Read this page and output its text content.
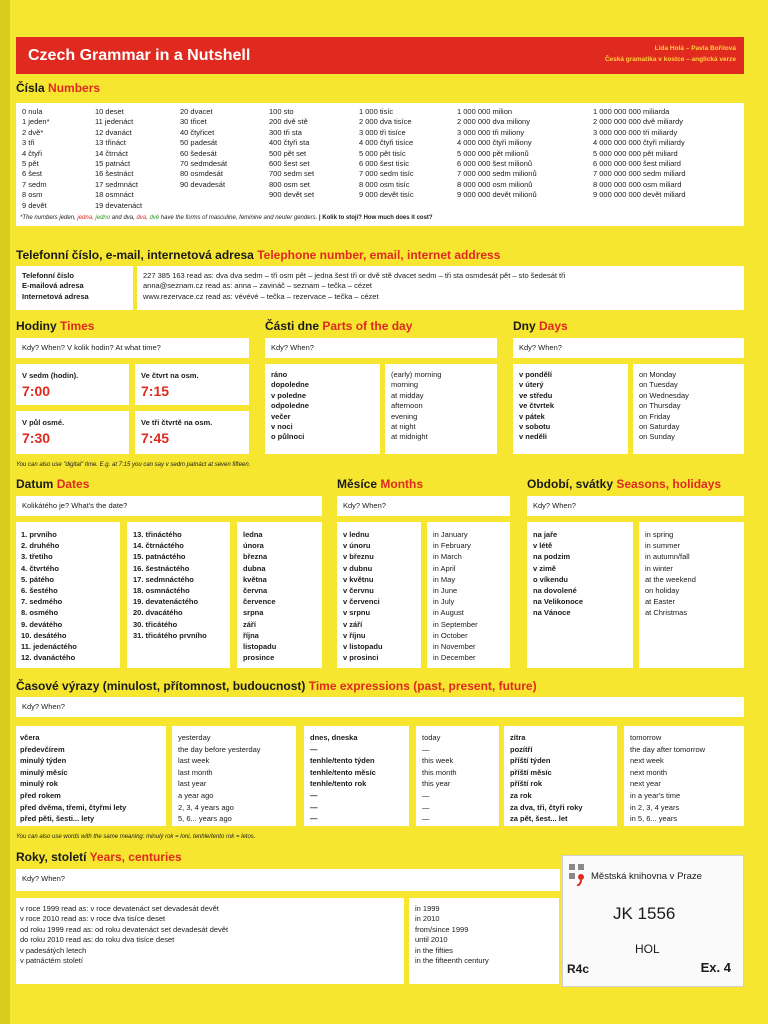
Czech Grammar in a Nutshell	Lida Holá – Pavla Bořilová
Česká gramatika v kostce – anglická verze
Čísla Numbers
0 nula
1 jeden*
2 dvě*
3 tři
4 čtyři
5 pět
6 šest
7 sedm
8 osm
9 devět
10 deset
11 jedenáct
12 dvanáct
13 třináct
14 čtrnáct
15 patnáct
16 šestnáct
17 sedmnáct
18 osmnáct
19 devatenáct
20 dvacet
30 třicet
40 čtyřicet
50 padesát
60 šedesát
70 sedmdesát
80 osmdesát
90 devadesát
100 sto
200 dvě stě
300 tři sta
400 čtyři sta
500 pět set
600 šest set
700 sedm set
800 osm set
900 devět set
1 000 tisíc
2 000 dva tisíce
3 000 tři tisíce
4 000 čtyři tisíce
5 000 pět tisíc
6 000 šest tisíc
7 000 sedm tisíc
8 000 osm tisíc
9 000 devět tisíc
1 000 000 milion
2 000 000 dva miliony
3 000 000 tři miliony
4 000 000 čtyři miliony
5 000 000 pět milionů
6 000 000 šest milionů
7 000 000 sedm milionů
8 000 000 osm milionů
9 000 000 devět milionů
1 000 000 000 miliarda
2 000 000 000 dvě miliardy
3 000 000 000 tři miliardy
4 000 000 000 čtyři miliardy
5 000 000 000 pět miliard
6 000 000 000 šest miliard
7 000 000 000 sedm miliard
8 000 000 000 osm miliard
9 000 000 000 devět miliard
*The numbers jeden, jedna, jedno and dva, dva, dvě have the forms of masculine, feminine and neuter genders. | Kolik to stojí? How much does it cost?
Telefonní číslo, e-mail, internetová adresa Telephone number, email, internet address
Telefonní číslo
E-mailová adresa
Internetová adresa
227 385 163 read as: dva dva sedm – tři osm pět – jedna šest tři or dvě stě dvacet sedm – tři sta osmdesát pět – sto šedesát tři
anna@seznam.cz read as: anna – zavináč – seznam – tečka – cézet
www.rezervace.cz read as: vévévé – tečka – rezervace – tečka – cézet
Hodiny Times
Kdy? When? V kolik hodin? At what time?
V sedm (hodin).
7:00
Ve čtvrt na osm.
7:15
V půl osmé.
7:30
Ve tři čtvrtě na osm.
7:45
You can also use "digital" time. E.g. at 7:15 you can say v sedm patnáct at seven fifteen.
Části dne Parts of the day
Kdy? When?
ráno
dopoledne
v poledne
odpoledne
večer
v noci
o půlnoci
(early) morning
morning
at midday
afternoon
evening
at night
at midnight
Dny Days
Kdy? When?
v pondělí
v úterý
ve středu
ve čtvrtek
v pátek
v sobotu
v neděli
on Monday
on Tuesday
on Wednesday
on Thursday
on Friday
on Saturday
on Sunday
Datum Dates
Kolikátého je? What's the date?
1. prvního
2. druhého
3. třetího
4. čtvrtého
5. pátého
6. šestého
7. sedmého
8. osmého
9. devátého
10. desátého
11. jedenáctého
12. dvanáctého
13. třináctého
14. čtrnáctého
15. patnáctého
16. šestnáctého
17. sedmnáctého
18. osmnáctého
19. devatenáctého
20. dvacátého
30. třicátého
31. třicátého prvního
ledna
února
března
dubna
května
června
července
srpna
září
října
listopadu
prosince
Měsíce Months
Kdy? When?
v lednu
v únoru
v březnu
v dubnu
v květnu
v červnu
v červenci
v srpnu
v září
v říjnu
v listopadu
v prosinci
in January
in February
in March
in April
in May
in June
in July
in August
in September
in October
in November
in December
Období, svátky Seasons, holidays
Kdy? When?
na jaře
v létě
na podzim
v zimě
o víkendu
na dovolené
na Velikonoce
na Vánoce
in spring
in summer
in autumn/fall
in winter
at the weekend
on holiday
at Easter
at Christmas
Časové výrazy (minulost, přítomnost, budoucnost) Time expressions (past, present, future)
Kdy? When?
včera
předevčírem
minulý týden
minulý měsíc
minulý rok
před rokem
před dvěma, třemi, čtyřmi lety
před pěti, šesti... lety
yesterday
the day before yesterday
last week
last month
last year
a year ago
2, 3, 4 years ago
5, 6... years ago
dnes, dneska
—
tenhle/tento týden
tenhle/tento měsíc
tenhle/tento rok
—
—
—
today
—
this week
this month
this year
—
—
—
zítra
pozítří
příští týden
příští měsíc
příští rok
za rok
za dva, tři, čtyři roky
za pět, šest... let
tomorrow
the day after tomorrow
next week
next month
next year
in a year's time
in 2, 3, 4 years
in 5, 6... years
You can also use words with the same meaning: minulý rok = loni, tenhle/tento rok = letos.
Roky, století Years, centuries
Kdy? When?
v roce 1999 read as: v roce devatenáct set devadesát devět
v roce 2010 read as: v roce dva tisíce deset
od roku 1999 read as: od roku devatenáct set devadesát devět
do roku 2010 read as: do roku dva tisíce deset
v padesátých letech
v patnáctém století
in 1999
in 2010
from/since 1999
until 2010
in the fifties
in the fifteenth century
Městská knihovna v Praze
JK 1556
HOL
R4c	Ex. 4
